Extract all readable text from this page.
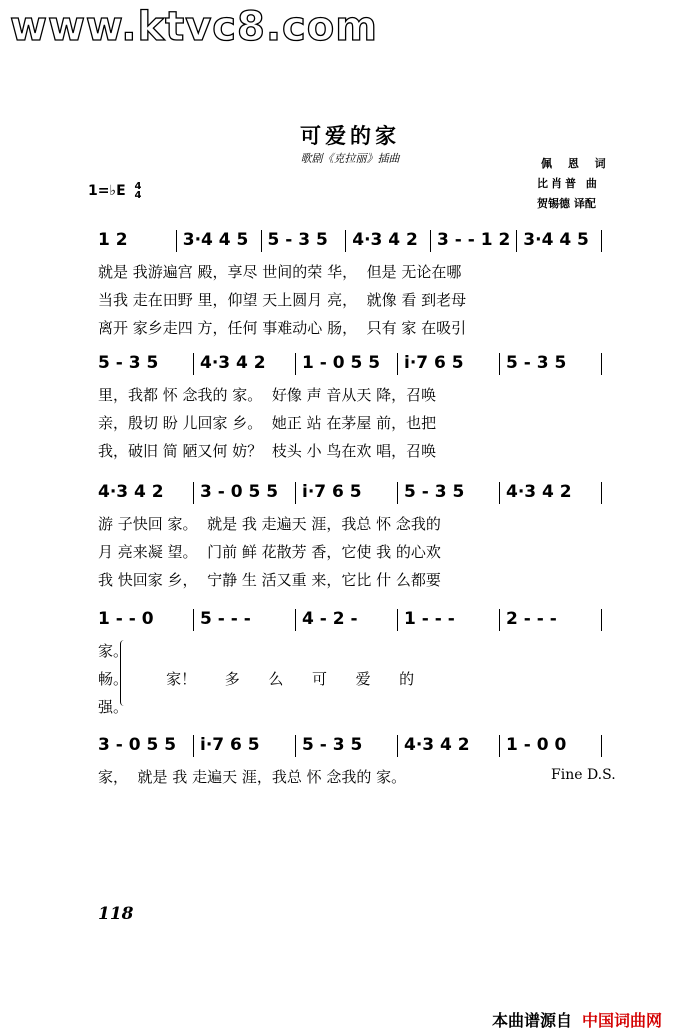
www.ktvc8.com
可爱的家
歌剧《克拉丽》插曲	佩 恩 词
比肖普 曲
贺锡德 译配
1=♭E 4
4
1 2	3·4 4 5 5 - 3 5 4·3 4 2 3 - - 1 2 3·4 4 5
就是 我游遍宫 殿，享尽 世间的荣 华，  但是 无论在哪
当我 走在田野 里，仰望 天上圆月 亮，  就像 看 到老母
离开 家乡走四 方，任何 事难动心 肠，  只有 家 在吸引
5 - 3 5 4·3 4 2 1 - 0 5 5 i·7 6 5 5 - 3 5
里，我都 怀 念我的 家。  好像 声 音从天 降，召唤
亲，殷切 盼 儿回家 乡。  她正 站 在茅屋 前，也把
我，破旧 简 陋又何 妨？  枝头 小 鸟在欢 唱，召唤
4·3 4 2 3 - 0 5 5 i·7 6 5 5 - 3 5 4·3 4 2
游 子快回 家。  就是 我 走遍天 涯，我总 怀 念我的
月 亮来凝 望。  门前 鲜 花散芳 香，它使 我 的心欢
我 快回家 乡，  宁静 生 活又重 来，它比 什 么都要
1 - - 0	5 - - -	4 - 2 -	1 - - -	2 - - -
家。
畅。        家！      多      么      可      爱      的
强。
3 - 0 5 5 i·7 6 5 5 - 3 5 4·3 4 2 1 - 0 0
家，  就是 我 走遍天 涯，我总 怀 念我的 家。	Fine D.S.
118
本曲谱源自 中国词曲网
